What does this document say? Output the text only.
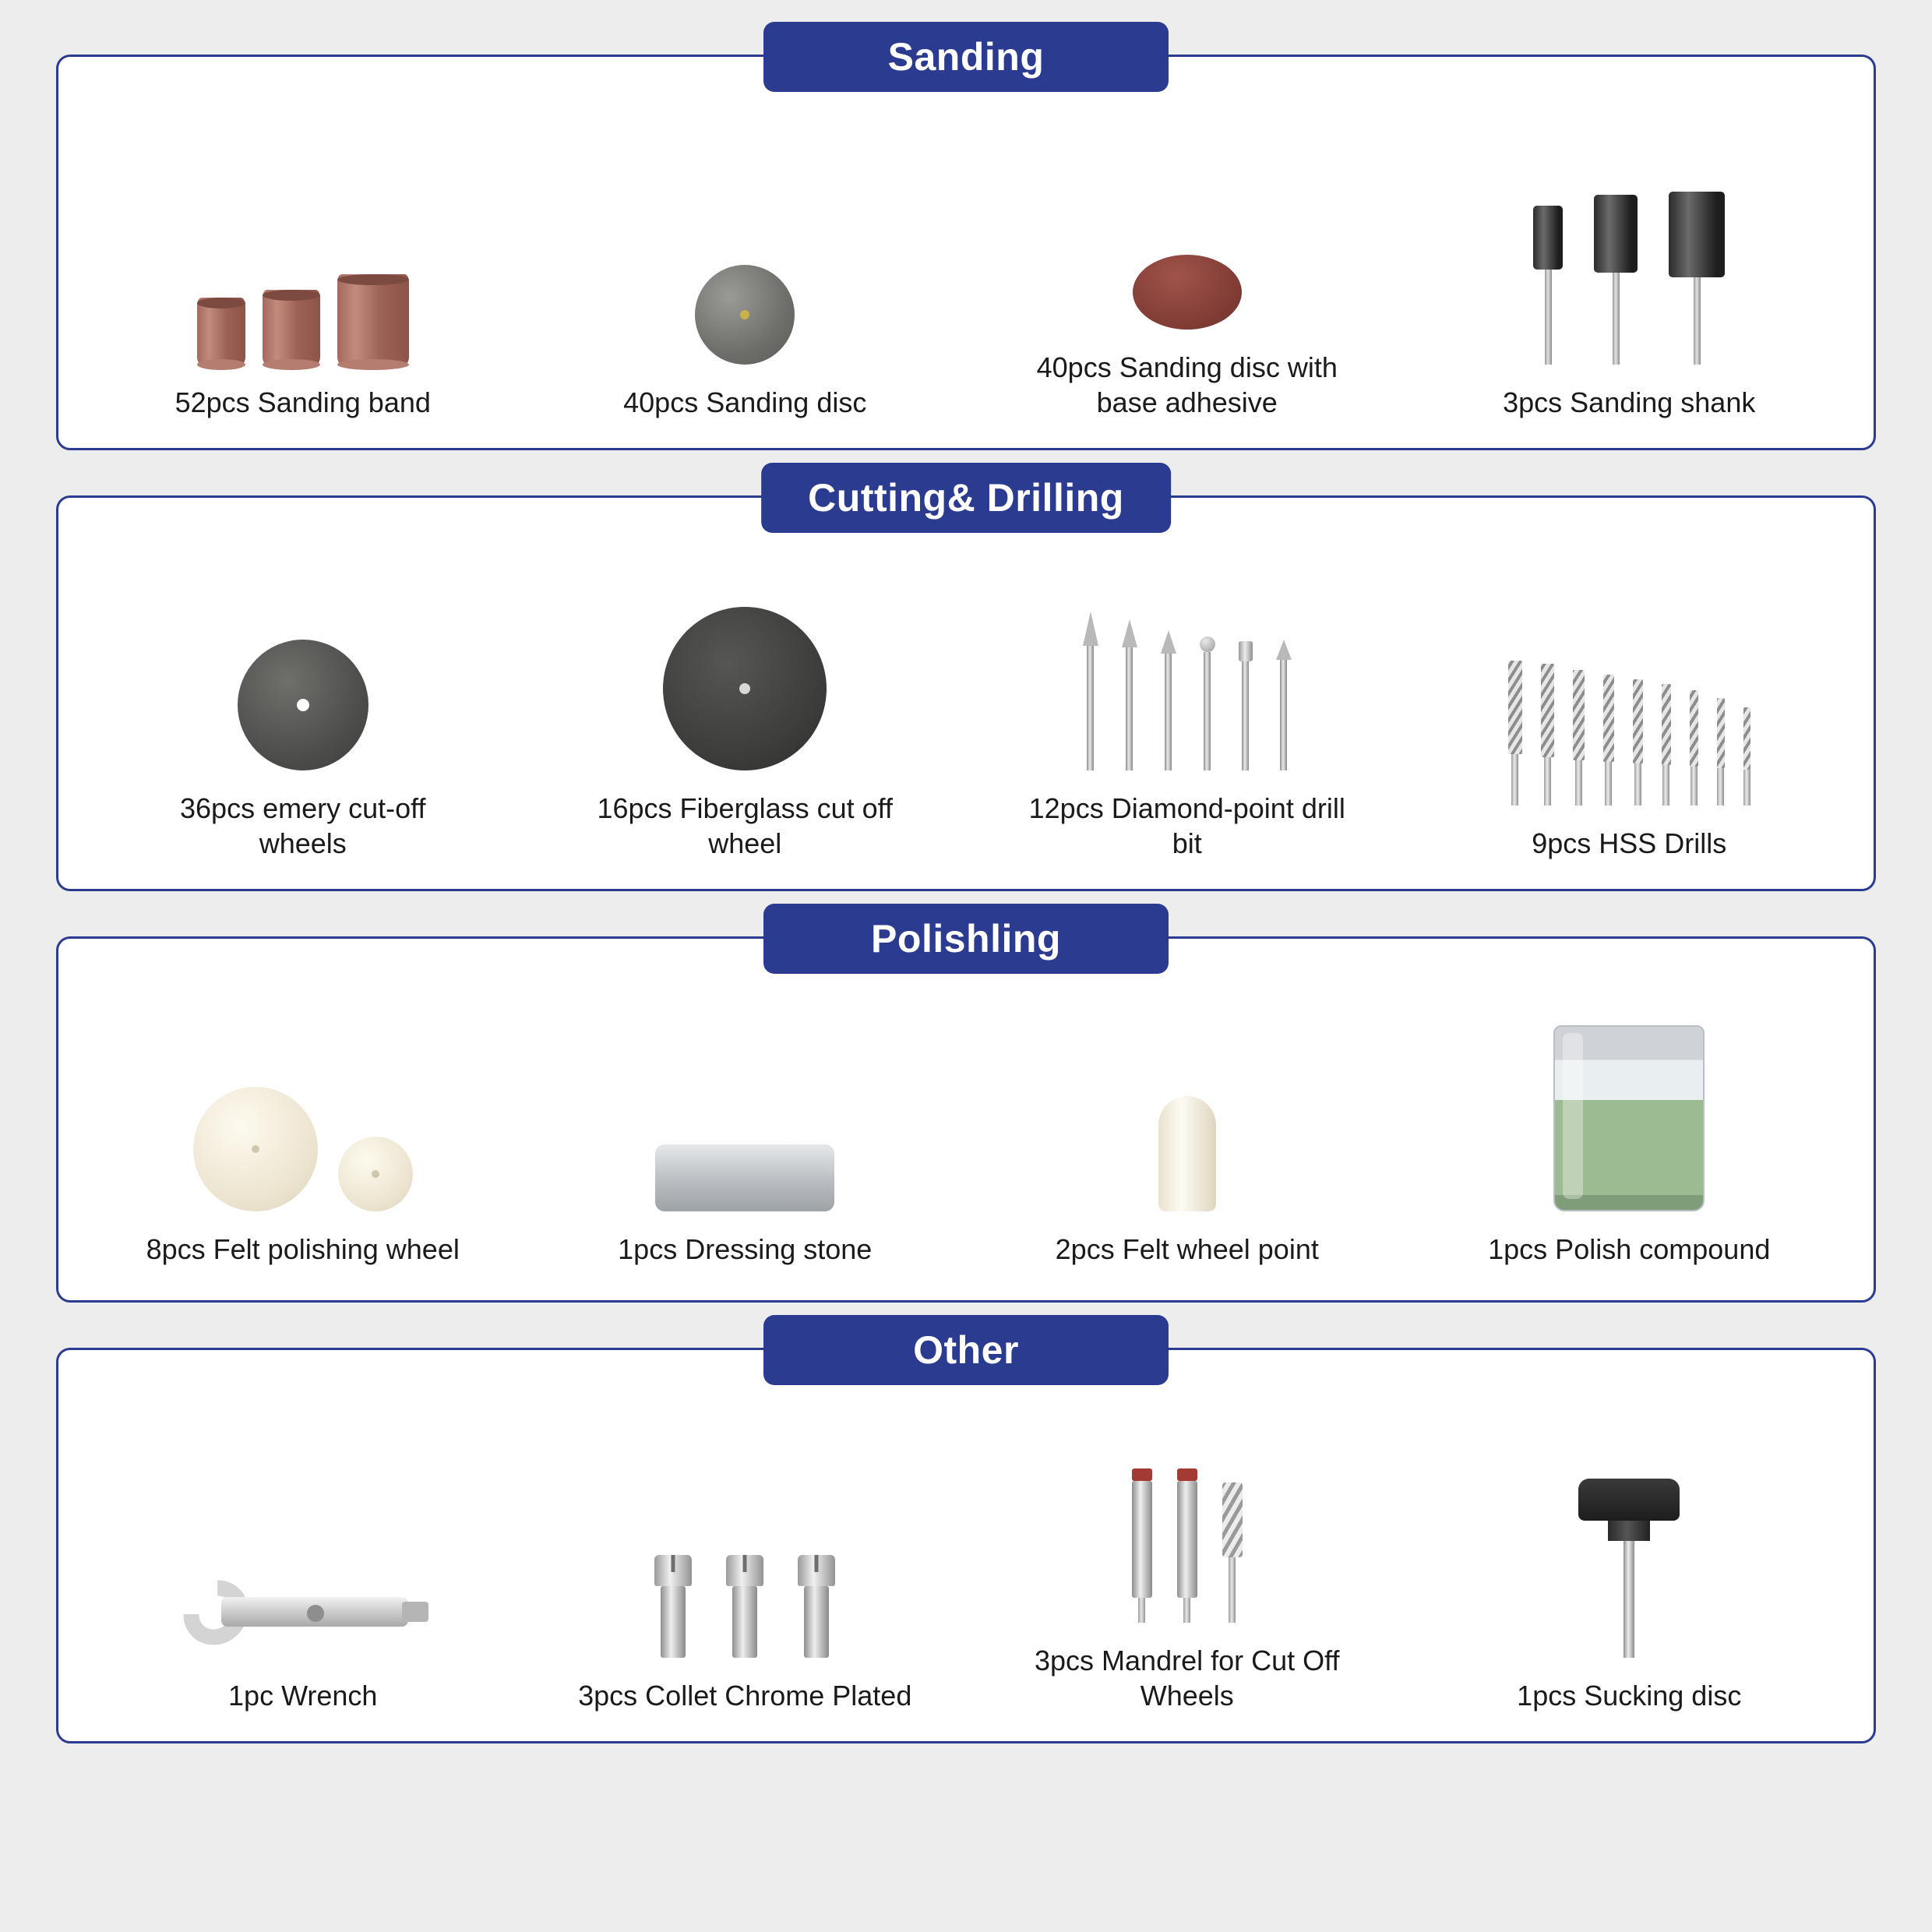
Sanding
52pcs Sanding band	40pcs Sanding disc
40pcs Sanding disc with base adhesive	3pcs Sanding shank
Cutting& Drilling
36pcs emery cut-off wheels
16pcs Fiberglass cut off wheel
12pcs Diamond-point drill bit	9pcs HSS Drills
Polishling
8pcs Felt polishing wheel	1pcs Dressing stone	2pcs Felt wheel point	1pcs Polish compound
Other
1pc Wrench	3pcs Collet Chrome Plated
3pcs Mandrel for Cut Off Wheels	1pcs Sucking disc
